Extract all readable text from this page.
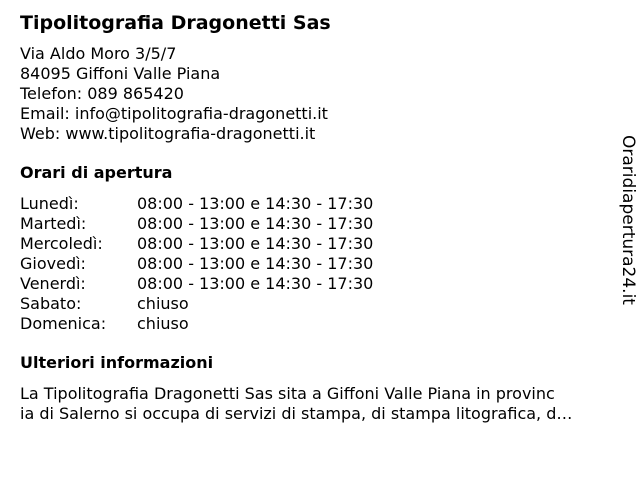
Tipolitografia Dragonetti Sas
Via Aldo Moro 3/5/7
84095 Giffoni Valle Piana
Telefon: 089 865420
Email: info@tipolitografia-dragonetti.it
Web: www.tipolitografia-dragonetti.it
Orari di apertura
Lunedì:	08:00 - 13:00 e 14:30 - 17:30
Martedì:	08:00 - 13:00 e 14:30 - 17:30
Mercoledì: 08:00 - 13:00 e 14:30 - 17:30
Giovedì:	08:00 - 13:00 e 14:30 - 17:30
Venerdì:	08:00 - 13:00 e 14:30 - 17:30
Sabato:	chiuso
Domenica: chiuso
Ulteriori informazioni
La Tipolitografia Dragonetti Sas sita a Giffoni Valle Piana in provinc
ia di Salerno si occupa di servizi di stampa, di stampa litografica, d…
Oraridiapertura24.it
